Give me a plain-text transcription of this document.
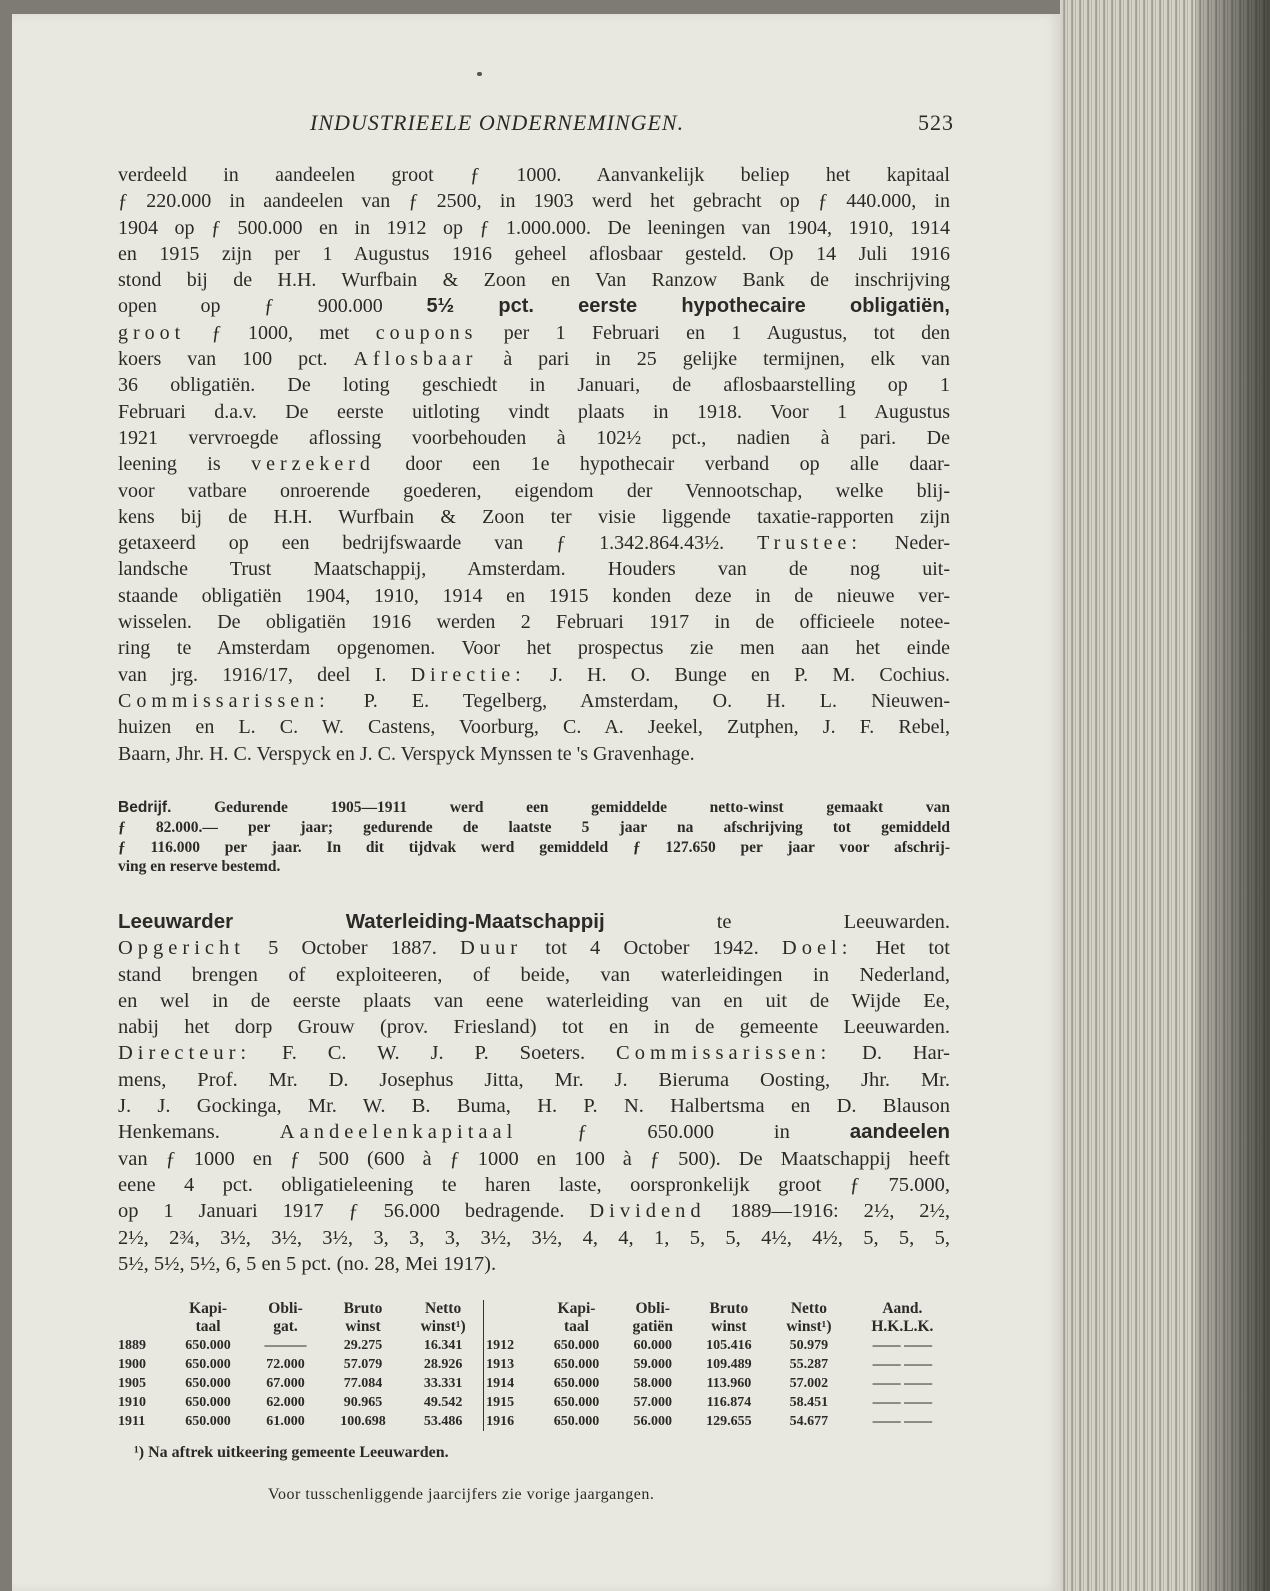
INDUSTRIEELE ONDERNEMINGEN.	523
verdeeld in aandeelen groot ƒ 1000. Aanvankelijk beliep het kapitaal
ƒ 220.000 in aandeelen van ƒ 2500, in 1903 werd het gebracht op ƒ 440.000, in
1904 op ƒ 500.000 en in 1912 op ƒ 1.000.000. De leeningen van 1904, 1910, 1914
en 1915 zijn per 1 Augustus 1916 geheel aflosbaar gesteld. Op 14 Juli 1916
stond bij de H.H. Wurfbain & Zoon en Van Ranzow Bank de inschrijving
open op ƒ 900.000 5½ pct. eerste hypothecaire obligatiën,
groot ƒ 1000, met coupons per 1 Februari en 1 Augustus, tot den
koers van 100 pct. Aflosbaar à pari in 25 gelijke termijnen, elk van
36 obligatiën. De loting geschiedt in Januari, de aflosbaarstelling op 1
Februari d.a.v. De eerste uitloting vindt plaats in 1918. Voor 1 Augustus
1921 vervroegde aflossing voorbehouden à 102½ pct., nadien à pari. De
leening is verzekerd door een 1e hypothecair verband op alle daar-
voor vatbare onroerende goederen, eigendom der Vennootschap, welke blij-
kens bij de H.H. Wurfbain & Zoon ter visie liggende taxatie-rapporten zijn
getaxeerd op een bedrijfswaarde van ƒ 1.342.864.43½. Trustee: Neder-
landsche Trust Maatschappij, Amsterdam. Houders van de nog uit-
staande obligatiën 1904, 1910, 1914 en 1915 konden deze in de nieuwe ver-
wisselen. De obligatiën 1916 werden 2 Februari 1917 in de officieele notee-
ring te Amsterdam opgenomen. Voor het prospectus zie men aan het einde
van jrg. 1916/17, deel I. Directie: J. H. O. Bunge en P. M. Cochius.
Commissarissen: P. E. Tegelberg, Amsterdam, O. H. L. Nieuwen-
huizen en L. C. W. Castens, Voorburg, C. A. Jeekel, Zutphen, J. F. Rebel,
Baarn, Jhr. H. C. Verspyck en J. C. Verspyck Mynssen te 's Gravenhage.
Bedrijf. Gedurende 1905—1911 werd een gemiddelde netto-winst gemaakt van
ƒ 82.000.— per jaar; gedurende de laatste 5 jaar na afschrijving tot gemiddeld
ƒ 116.000 per jaar. In dit tijdvak werd gemiddeld ƒ 127.650 per jaar voor afschrij-
ving en reserve bestemd.
Leeuwarder Waterleiding-Maatschappij te Leeuwarden.
Opgericht 5 October 1887. Duur tot 4 October 1942. Doel: Het tot
stand brengen of exploiteeren, of beide, van waterleidingen in Nederland,
en wel in de eerste plaats van eene waterleiding van en uit de Wijde Ee,
nabij het dorp Grouw (prov. Friesland) tot en in de gemeente Leeuwarden.
Directeur: F. C. W. J. P. Soeters. Commissarissen: D. Har-
mens, Prof. Mr. D. Josephus Jitta, Mr. J. Bieruma Oosting, Jhr. Mr.
J. J. Gockinga, Mr. W. B. Buma, H. P. N. Halbertsma en D. Blauson
Henkemans. Aandeelenkapitaal ƒ 650.000 in aandeelen
van ƒ 1000 en ƒ 500 (600 à ƒ 1000 en 100 à ƒ 500). De Maatschappij heeft
eene 4 pct. obligatieleening te haren laste, oorspronkelijk groot ƒ 75.000,
op 1 Januari 1917 ƒ 56.000 bedragende. Dividend 1889—1916: 2½, 2½,
2½, 2¾, 3½, 3½, 3½, 3, 3, 3, 3½, 3½, 4, 4, 1, 5, 5, 4½, 4½, 5, 5, 5,
5½, 5½, 5½, 6, 5 en 5 pct. (no. 28, Mei 1917).
	Kapi-	Obli-	Bruto	Netto		Kapi-	Obli-	Bruto	Netto	Aand.
	taal	gat.	winst	winst¹)		taal	gatiën	winst	winst¹)	H.K.L.K.
1889	650.000	———	29.275	16.341	1912	650.000	60.000	105.416	50.979	—— ——
1900	650.000	72.000	57.079	28.926	1913	650.000	59.000	109.489	55.287	—— ——
1905	650.000	67.000	77.084	33.331	1914	650.000	58.000	113.960	57.002	—— ——
1910	650.000	62.000	90.965	49.542	1915	650.000	57.000	116.874	58.451	—— ——
1911	650.000	61.000	100.698	53.486	1916	650.000	56.000	129.655	54.677	—— ——
¹) Na aftrek uitkeering gemeente Leeuwarden.
Voor tusschenliggende jaarcijfers zie vorige jaargangen.
